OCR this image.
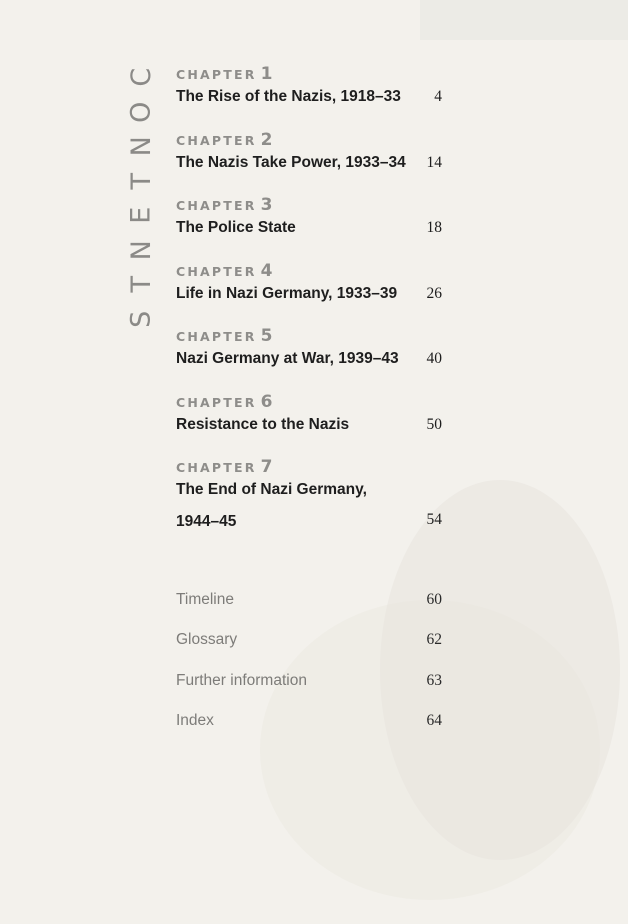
C
O
N
T
E
N
T
S
CHAPTER 1
The Rise of the Nazis, 1918–33	4
CHAPTER 2
The Nazis Take Power, 1933–34	14
CHAPTER 3
The Police State	18
CHAPTER 4
Life in Nazi Germany, 1933–39	26
CHAPTER 5
Nazi Germany at War, 1939–43	40
CHAPTER 6
Resistance to the Nazis	50
CHAPTER 7
The End of Nazi Germany,
1944–45	54
Timeline	60
Glossary	62
Further information	63
Index	64
